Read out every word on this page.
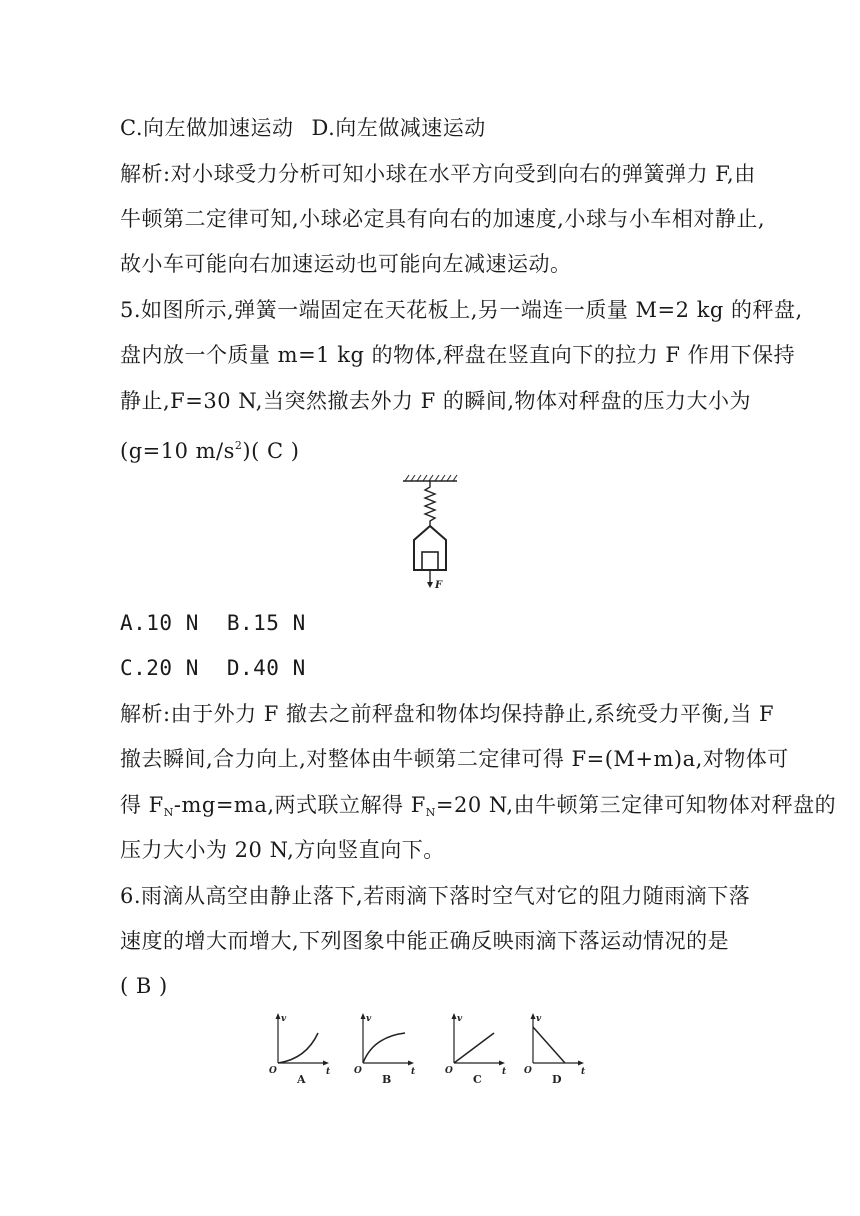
C.向左做加速运动 D.向左做减速运动
解析:对小球受力分析可知小球在水平方向受到向右的弹簧弹力 F,由
牛顿第二定律可知,小球必定具有向右的加速度,小球与小车相对静止,
故小车可能向右加速运动也可能向左减速运动。
5.如图所示,弹簧一端固定在天花板上,另一端连一质量 M=2 kg 的秤盘,
盘内放一个质量 m=1 kg 的物体,秤盘在竖直向下的拉力 F 作用下保持
静止,F=30 N,当突然撤去外力 F 的瞬间,物体对秤盘的压力大小为
(g=10 $m/s^2$)( C )
F
A.10 N B.15 N
C.20 N D.40 N
解析:由于外力 F 撤去之前秤盘和物体均保持静止,系统受力平衡,当 F
撤去瞬间,合力向上,对整体由牛顿第二定律可得 F=(M+m)a,对物体可
得 $F_N-mg=ma$,两式联立解得 $F_N=20$ N,由牛顿第三定律可知物体对秤盘的
压力大小为 20 N,方向竖直向下。
6.雨滴从高空由静止落下,若雨滴下落时空气对它的阻力随雨滴下落
速度的增大而增大,下列图象中能正确反映雨滴下落运动情况的是
( B )
v
t
O
A
v
t
O
B
v
t
O
C
v
t
O
D
